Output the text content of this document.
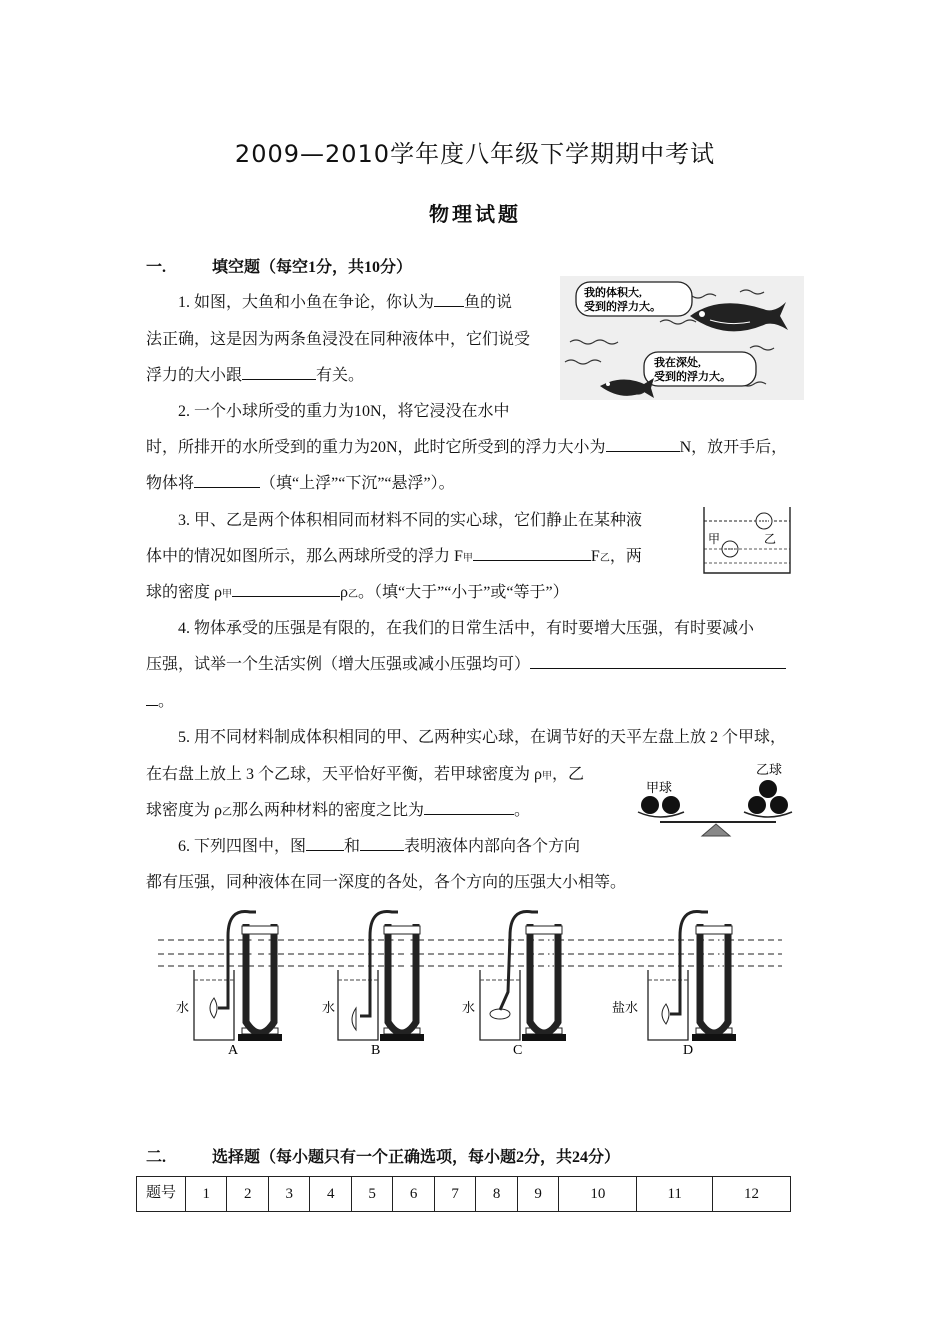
2009—2010学年度八年级下学期期中考试
物理试题
一.	填空题（每空1分，共10分）
1. 如图，大鱼和小鱼在争论，你认为 鱼的说
法正确，这是因为两条鱼浸没在同种液体中，它们说受
浮力的大小跟	有关。
我的体积大,
受到的浮力大。
我在深处,
受到的浮力大。
2. 一个小球所受的重力为10N，将它浸没在水中
时，所排开的水所受到的重力为20N，此时它所受到的浮力大小为	N，放开手后，
物体将	（填“上浮”“下沉”“悬浮”）。
3. 甲、乙是两个体积相同而材料不同的实心球，它们静止在某种液
体中的情况如图所示，那么两球所受的浮力 F甲	F乙，两
球的密度 ρ甲	ρ乙。（填“大于”“小于”或“等于”）
甲	乙
4. 物体承受的压强是有限的，在我们的日常生活中，有时要增大压强，有时要减小
压强，试举一个生活实例（增大压强或减小压强均可）
。
5. 用不同材料制成体积相同的甲、乙两种实心球，在调节好的天平左盘上放 2 个甲球，
在右盘上放上 3 个乙球，天平恰好平衡，若甲球密度为 ρ甲，乙
球密度为 ρ乙那么两种材料的密度之比为	。
甲球
乙球
6. 下列四图中，图 和	表明液体内部向各个方向
都有压强，同种液体在同一深度的各处，各个方向的压强大小相等。
水	水	水	盐水
A	B	C	D
二.	选择题（每小题只有一个正确选项，每小题2分，共24分）
题号	1	2	3	4	5	6	7	8	9	10	11	12
